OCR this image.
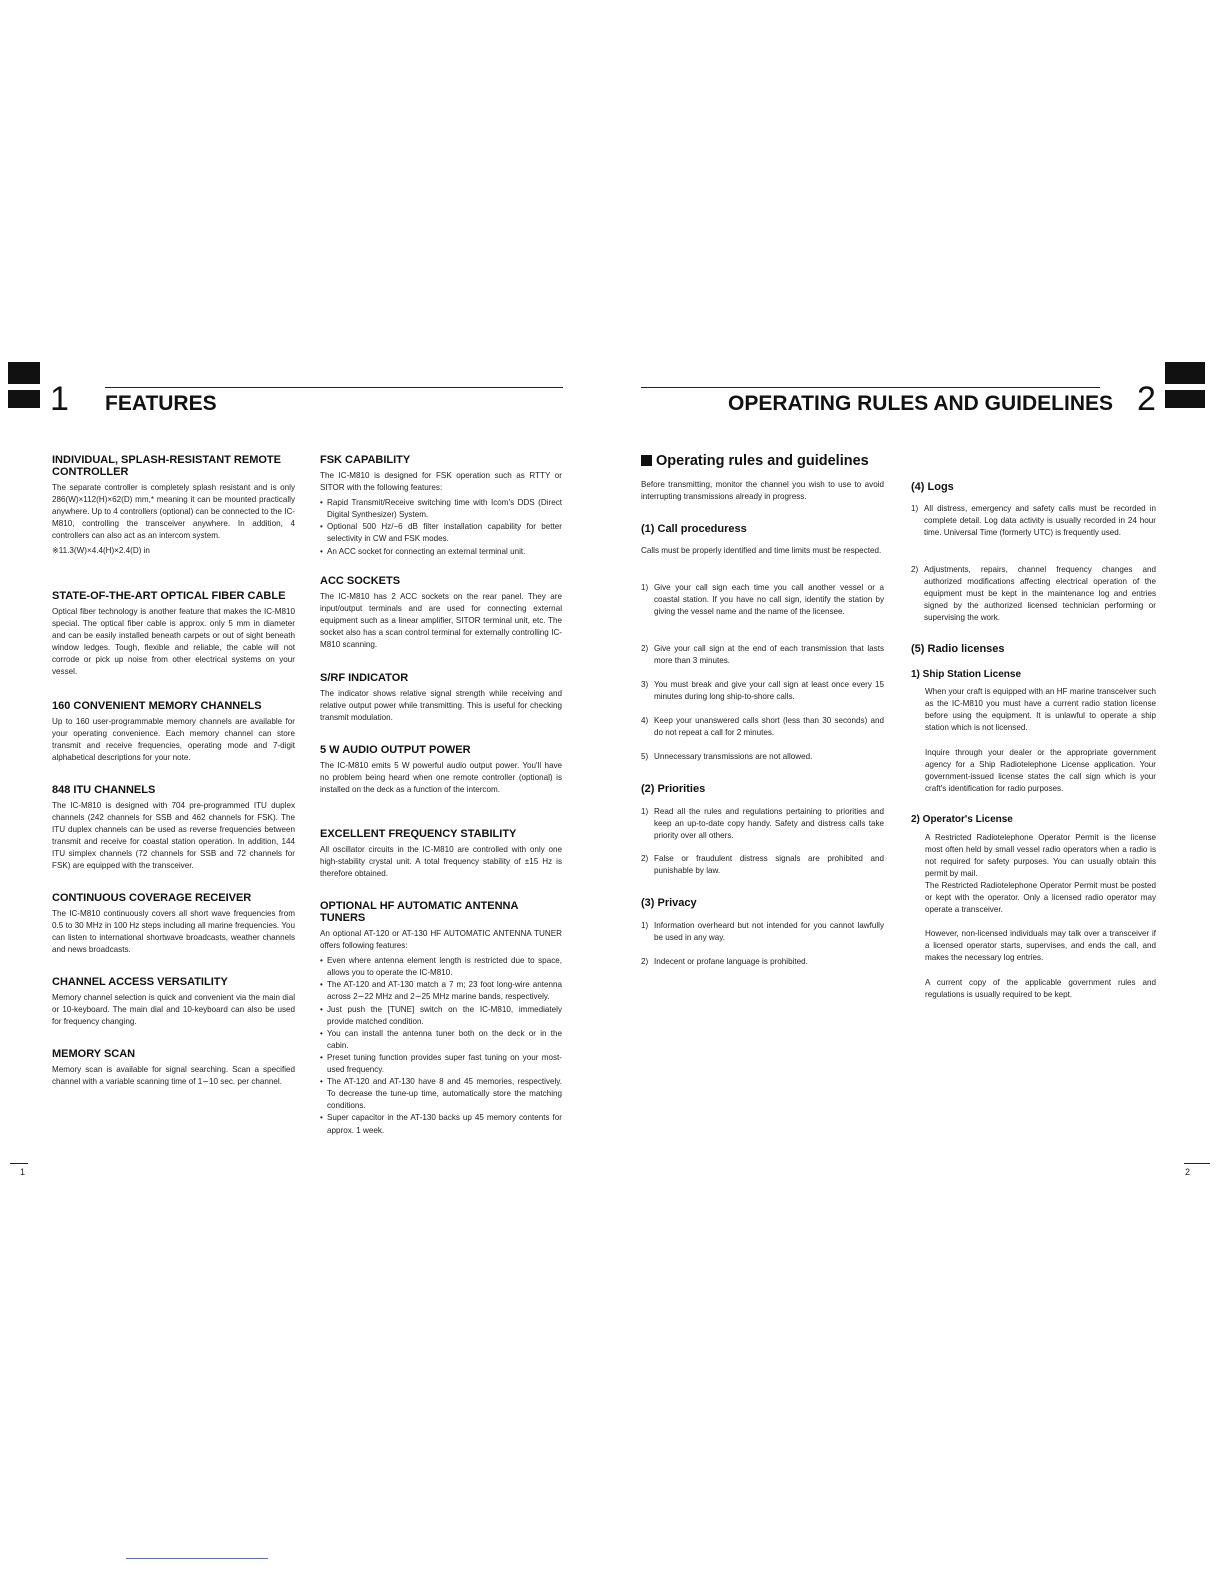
1 FEATURES	OPERATING RULES AND GUIDELINES 2
INDIVIDUAL, SPLASH-RESISTANT REMOTE CONTROLLER

The separate controller is completely splash resistant and is only 286(W)×112(H)×62(D) mm,* meaning it can be mounted practically anywhere. Up to 4 controllers (optional) can be connected to the IC-M810, controlling the transceiver anywhere. In addition, 4 controllers can also act as an intercom system.

※11.3(W)×4.4(H)×2.4(D) in

STATE-OF-THE-ART OPTICAL FIBER CABLE

Optical fiber technology is another feature that makes the IC-M810 special. The optical fiber cable is approx. only 5 mm in diameter and can be easily installed beneath carpets or out of sight beneath window ledges. Tough, flexible and reliable, the cable will not corrode or pick up noise from other electrical systems on your vessel.

160 CONVENIENT MEMORY CHANNELS

Up to 160 user-programmable memory channels are available for your operating convenience. Each memory channel can store transmit and receive frequencies, operating mode and 7-digit alphabetical descriptions for your note.

848 ITU CHANNELS

The IC-M810 is designed with 704 pre-programmed ITU duplex channels (242 channels for SSB and 462 channels for FSK). The ITU duplex channels can be used as reverse frequencies between transmit and receive for coastal station operation. In addition, 144 ITU simplex channels (72 channels for SSB and 72 channels for FSK) are equipped with the transceiver.

CONTINUOUS COVERAGE RECEIVER

The IC-M810 continuously covers all short wave frequencies from 0.5 to 30 MHz in 100 Hz steps including all marine frequencies. You can listen to international shortwave broadcasts, weather channels and news broadcasts.

CHANNEL ACCESS VERSATILITY

Memory channel selection is quick and convenient via the main dial or 10-keyboard. The main dial and 10-keyboard can also be used for frequency changing.

MEMORY SCAN

Memory scan is available for signal searching. Scan a specified channel with a variable scanning time of 1∼10 sec. per channel.

FSK CAPABILITY

The IC-M810 is designed for FSK operation such as RTTY or SITOR with the following features:

• Rapid Transmit/Receive switching time with Icom's DDS (Direct Digital Synthesizer) System.
• Optional 500 Hz/−6 dB filter installation capability for better selectivity in CW and FSK modes.
• An ACC socket for connecting an external terminal unit.
ACC SOCKETS

The IC-M810 has 2 ACC sockets on the rear panel. They are input/output terminals and are used for connecting external equipment such as a linear amplifier, SITOR terminal unit, etc. The socket also has a scan control terminal for externally controlling IC-M810 scanning.

S/RF INDICATOR

The indicator shows relative signal strength while receiving and relative output power while transmitting. This is useful for checking transmit modulation.

5 W AUDIO OUTPUT POWER

The IC-M810 emits 5 W powerful audio output power. You'll have no problem being heard when one remote controller (optional) is installed on the deck as a function of the intercom.

EXCELLENT FREQUENCY STABILITY

All oscillator circuits in the IC-M810 are controlled with only one high-stability crystal unit. A total frequency stability of ±15 Hz is therefore obtained.

OPTIONAL HF AUTOMATIC ANTENNA TUNERS

An optional AT-120 or AT-130 HF AUTOMATIC ANTENNA TUNER offers following features:

• Even where antenna element length is restricted due to space, allows you to operate the IC-M810.
• The AT-120 and AT-130 match a 7 m; 23 foot long-wire antenna across 2∼22 MHz and 2∼25 MHz marine bands, respectively.
• Just push the [TUNE] switch on the IC-M810, immediately provide matched condition.
• You can install the antenna tuner both on the deck or in the cabin.
• Preset tuning function provides super fast tuning on your most-used frequency.
• The AT-120 and AT-130 have 8 and 45 memories, respectively. To decrease the tune-up time, automatically store the matching conditions.
• Super capacitor in the AT-130 backs up 45 memory contents for approx. 1 week.
Operating rules and guidelines

Before transmitting, monitor the channel you wish to use to avoid interrupting transmissions already in progress.

(1) Call proceduress

Calls must be properly identified and time limits must be respected.

1) Give your call sign each time you call another vessel or a coastal station. If you have no call sign, identify the station by giving the vessel name and the name of the licensee.
2) Give your call sign at the end of each transmission that lasts more than 3 minutes.
3) You must break and give your call sign at least once every 15 minutes during long ship-to-shore calls.
4) Keep your unanswered calls short (less than 30 seconds) and do not repeat a call for 2 minutes.
5) Unnecessary transmissions are not allowed.
(2) Priorities
1) Read all the rules and regulations pertaining to priorities and keep an up-to-date copy handy. Safety and distress calls take priority over all others.
2) False or fraudulent distress signals are prohibited and punishable by law.
(3) Privacy
1) Information overheard but not intended for you cannot lawfully be used in any way.
2) Indecent or profane language is prohibited.
(4) Logs
1) All distress, emergency and safety calls must be recorded in complete detail. Log data activity is usually recorded in 24 hour time. Universal Time (formerly UTC) is frequently used.
2) Adjustments, repairs, channel frequency changes and authorized modifications affecting electrical operation of the equipment must be kept in the maintenance log and entries signed by the authorized licensed technician performing or supervising the work.
(5) Radio licenses
1) Ship Station License

When your craft is equipped with an HF marine transceiver such as the IC-M810 you must have a current radio station license before using the equipment. It is unlawful to operate a ship station which is not licensed.

Inquire through your dealer or the appropriate government agency for a Ship Radiotelephone License application. Your government-issued license states the call sign which is your craft's identification for radio purposes.

2) Operator's License

A Restricted Radiotelephone Operator Permit is the license most often held by small vessel radio operators when a radio is not required for safety purposes. You can usually obtain this permit by mail.

The Restricted Radiotelephone Operator Permit must be posted or kept with the operator. Only a licensed radio operator may operate a transceiver.

However, non-licensed individuals may talk over a transceiver if a licensed operator starts, supervises, and ends the call, and makes the necessary log entries.

A current copy of the applicable government rules and regulations is usually required to be kept.

1	2
